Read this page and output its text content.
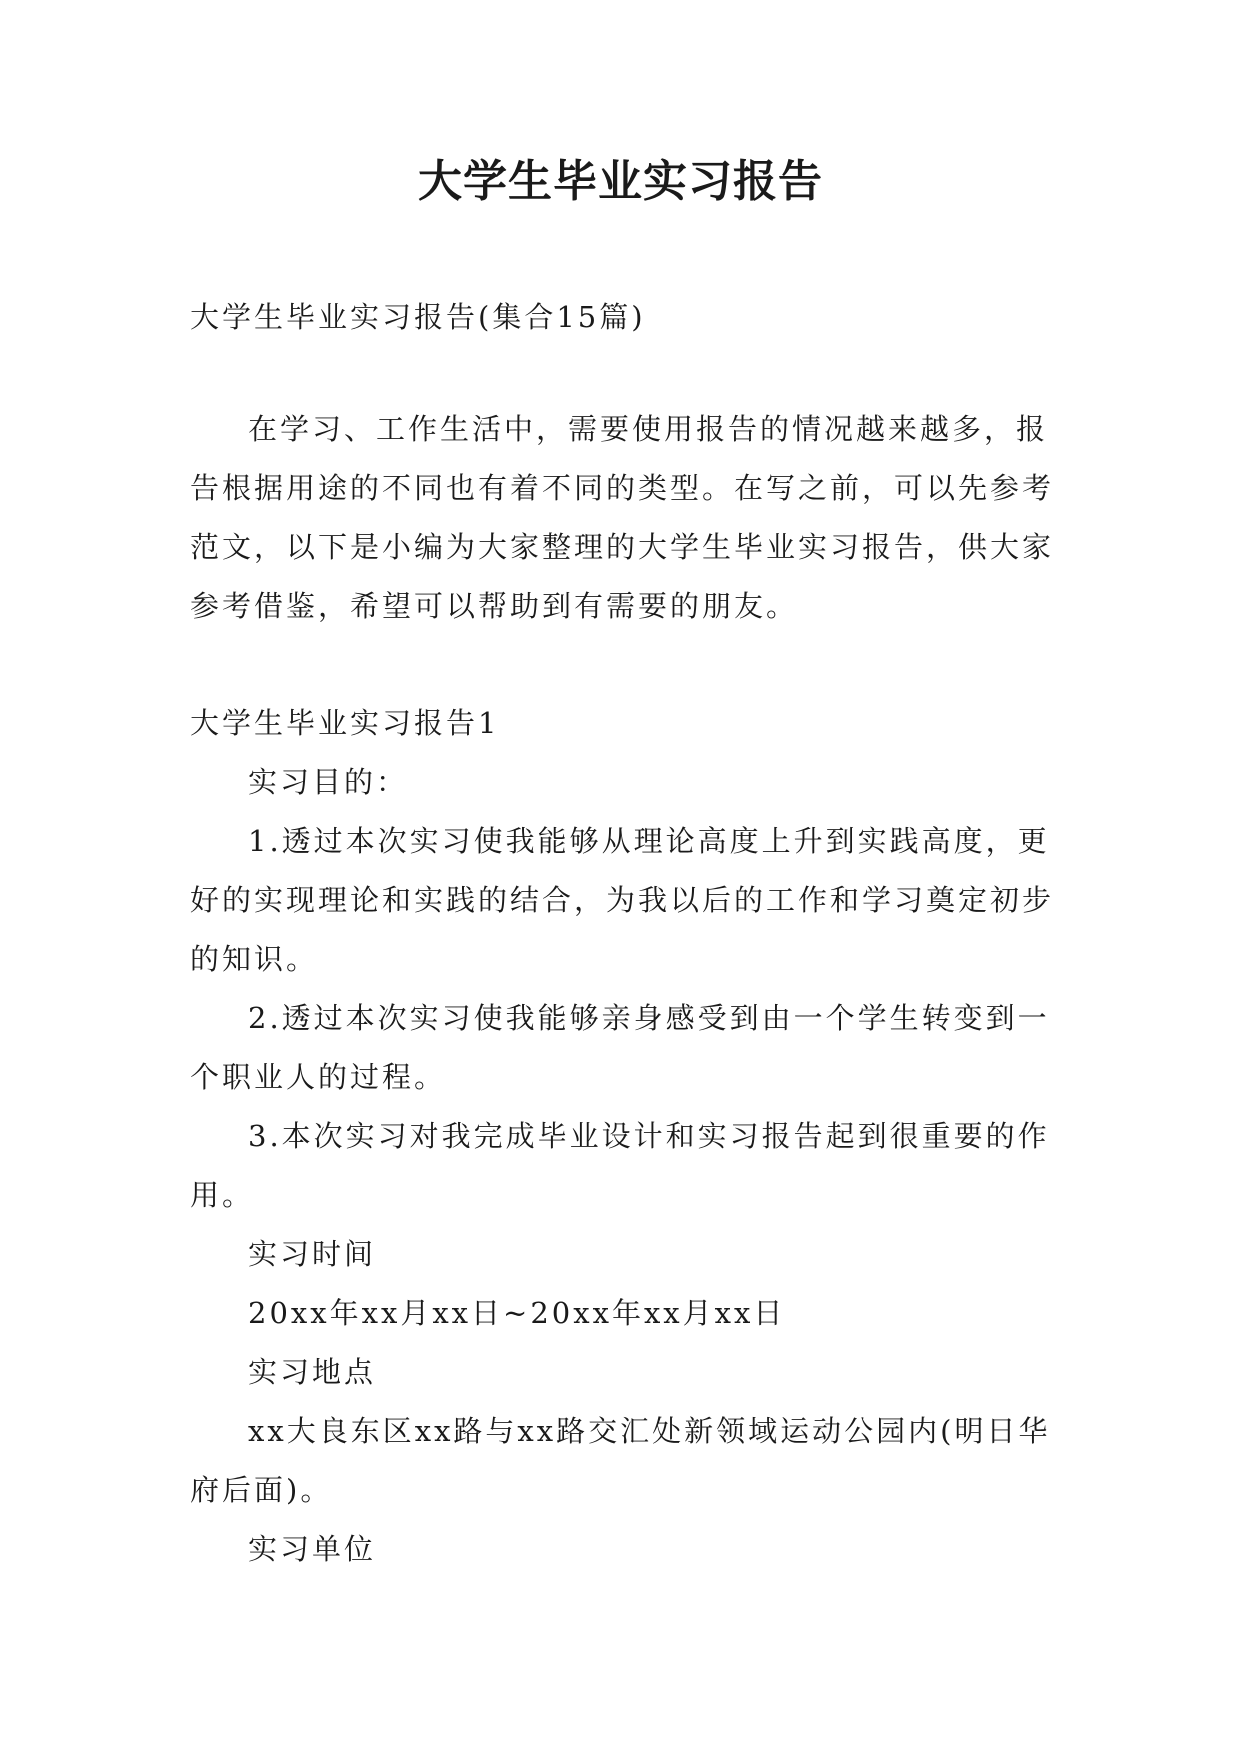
大学生毕业实习报告

大学生毕业实习报告(集合15篇)

在学习、工作生活中，需要使用报告的情况越来越多，报告根据用途的不同也有着不同的类型。在写之前，可以先参考范文，以下是小编为大家整理的大学生毕业实习报告，供大家参考借鉴，希望可以帮助到有需要的朋友。

大学生毕业实习报告1

实习目的：

1.透过本次实习使我能够从理论高度上升到实践高度，更好的实现理论和实践的结合，为我以后的工作和学习奠定初步的知识。

2.透过本次实习使我能够亲身感受到由一个学生转变到一个职业人的过程。

3.本次实习对我完成毕业设计和实习报告起到很重要的作用。

实习时间

20xx年xx月xx日~20xx年xx月xx日

实习地点

xx大良东区xx路与xx路交汇处新领域运动公园内(明日华府后面)。

实习单位
